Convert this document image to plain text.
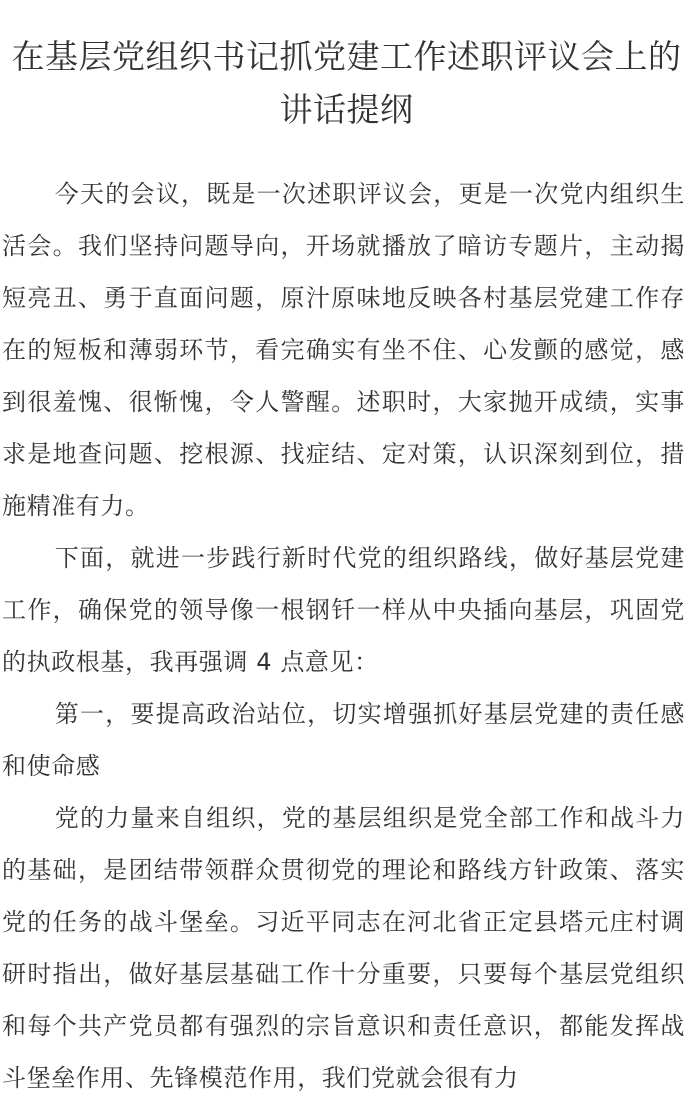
在基层党组织书记抓党建工作述职评议会上的讲话提纲

今天的会议，既是一次述职评议会，更是一次党内组织生活会。我们坚持问题导向，开场就播放了暗访专题片，主动揭短亮丑、勇于直面问题，原汁原味地反映各村基层党建工作存在的短板和薄弱环节，看完确实有坐不住、心发颤的感觉，感到很羞愧、很惭愧，令人警醒。述职时，大家抛开成绩，实事求是地查问题、挖根源、找症结、定对策，认识深刻到位，措施精准有力。

下面，就进一步践行新时代党的组织路线，做好基层党建工作，确保党的领导像一根钢钎一样从中央插向基层，巩固党的执政根基，我再强调 4 点意见：

第一，要提高政治站位，切实增强抓好基层党建的责任感和使命感

党的力量来自组织，党的基层组织是党全部工作和战斗力的基础，是团结带领群众贯彻党的理论和路线方针政策、落实党的任务的战斗堡垒。习近平同志在河北省正定县塔元庄村调研时指出，做好基层基础工作十分重要，只要每个基层党组织和每个共产党员都有强烈的宗旨意识和责任意识，都能发挥战斗堡垒作用、先锋模范作用，我们党就会很有力
